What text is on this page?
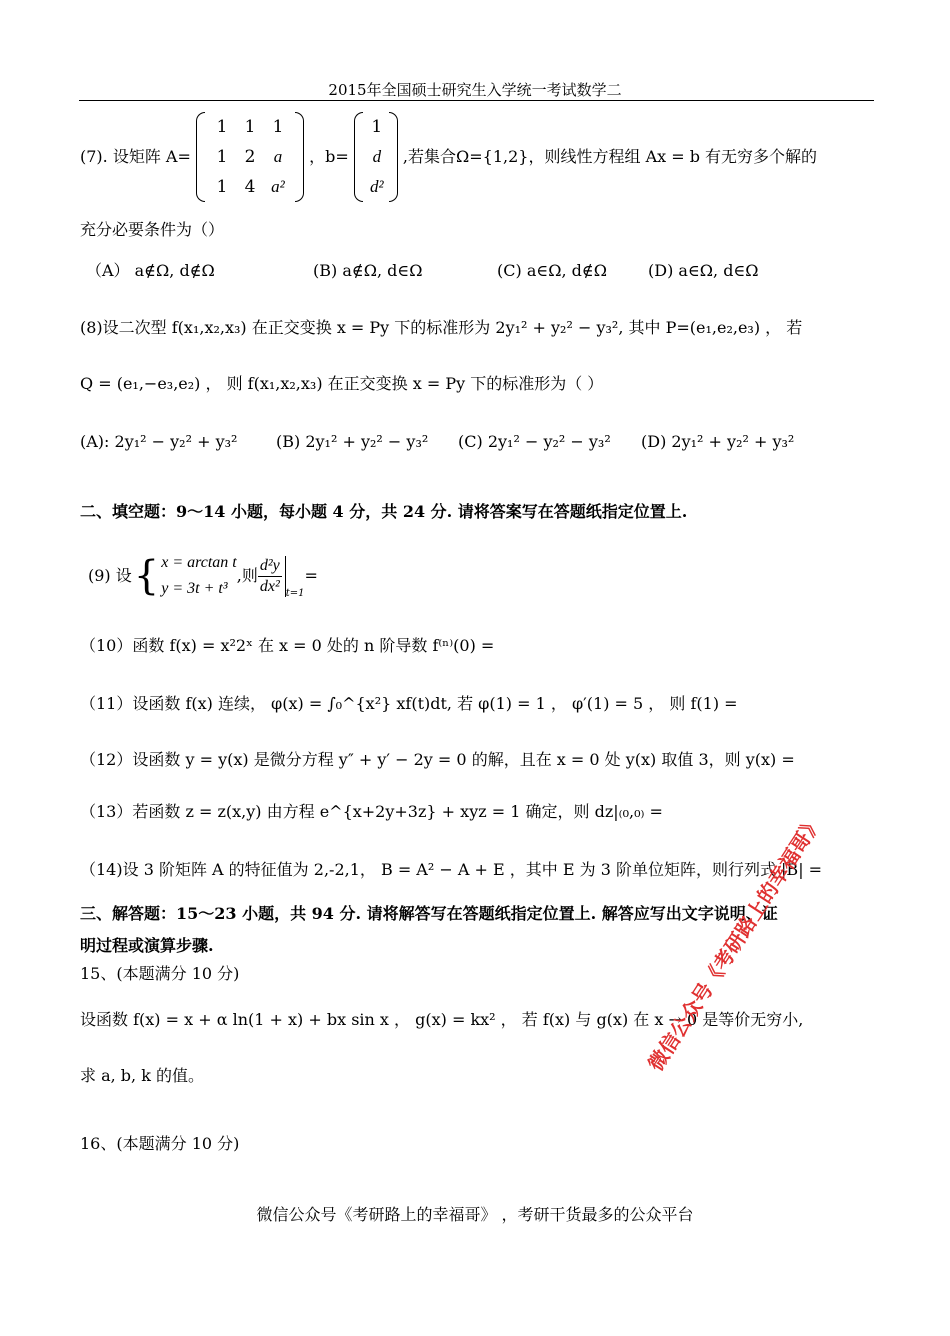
2015年全国硕士研究生入学统一考试数学二
(7). 设矩阵 A=
1	1	1
1	2	a
1	4 a²
，b=
1
d
d²
,若集合Ω={1,2}，则线性方程组 Ax = b 有无穷多个解的
充分必要条件为（）
（A） a∉Ω, d∉Ω	(B) a∉Ω, d∈Ω	(C) a∈Ω, d∉Ω	(D) a∈Ω, d∈Ω
(8)设二次型 f(x₁,x₂,x₃) 在正交变换 x = Py 下的标准形为 2y₁² + y₂² − y₃², 其中 P=(e₁,e₂,e₃) ， 若
Q = (e₁,−e₃,e₂) ， 则 f(x₁,x₂,x₃) 在正交变换 x = Py 下的标准形为（ ）
(A): 2y₁² − y₂² + y₃² (B) 2y₁² + y₂² − y₃² (C) 2y₁² − y₂² − y₃² (D) 2y₁² + y₂² + y₃²
二、填空题：9～14 小题，每小题 4 分，共 24 分. 请将答案写在答题纸指定位置上.
(9) 设 { x = arctan t
y = 3t + t³
,则 $\frac{\text{d²y}}{\text{dx²}} t=1$
=
（10）函数 f(x) = x²2ˣ 在 x = 0 处的 n 阶导数 f⁽ⁿ⁾(0) =
（11）设函数 f(x) 连续， φ(x) = ∫₀^{x²} xf(t)dt, 若 φ(1) = 1 ， φ′(1) = 5 ， 则 f(1) =
（12）设函数 y = y(x) 是微分方程 y″ + y′ − 2y = 0 的解，且在 x = 0 处 y(x) 取值 3，则 y(x) =
（13）若函数 z = z(x,y) 由方程 e^{x+2y+3z} + xyz = 1 确定，则 dz|₍₀,₀₎ =
（14)设 3 阶矩阵 A 的特征值为 2,-2,1， B = A² − A + E ，其中 E 为 3 阶单位矩阵，则行列式 |B| =
三、解答题：15～23 小题，共 94 分. 请将解答写在答题纸指定位置上. 解答应写出文字说明、证
明过程或演算步骤.
15、(本题满分 10 分)
设函数 f(x) = x + α ln(1 + x) + bx sin x ， g(x) = kx² ， 若 f(x) 与 g(x) 在 x → 0 是等价无穷小,
求 a, b, k 的值。
16、(本题满分 10 分)
微信公众号《考研路上的幸福哥》
微信公众号《考研路上的幸福哥》 ，考研干货最多的公众平台
